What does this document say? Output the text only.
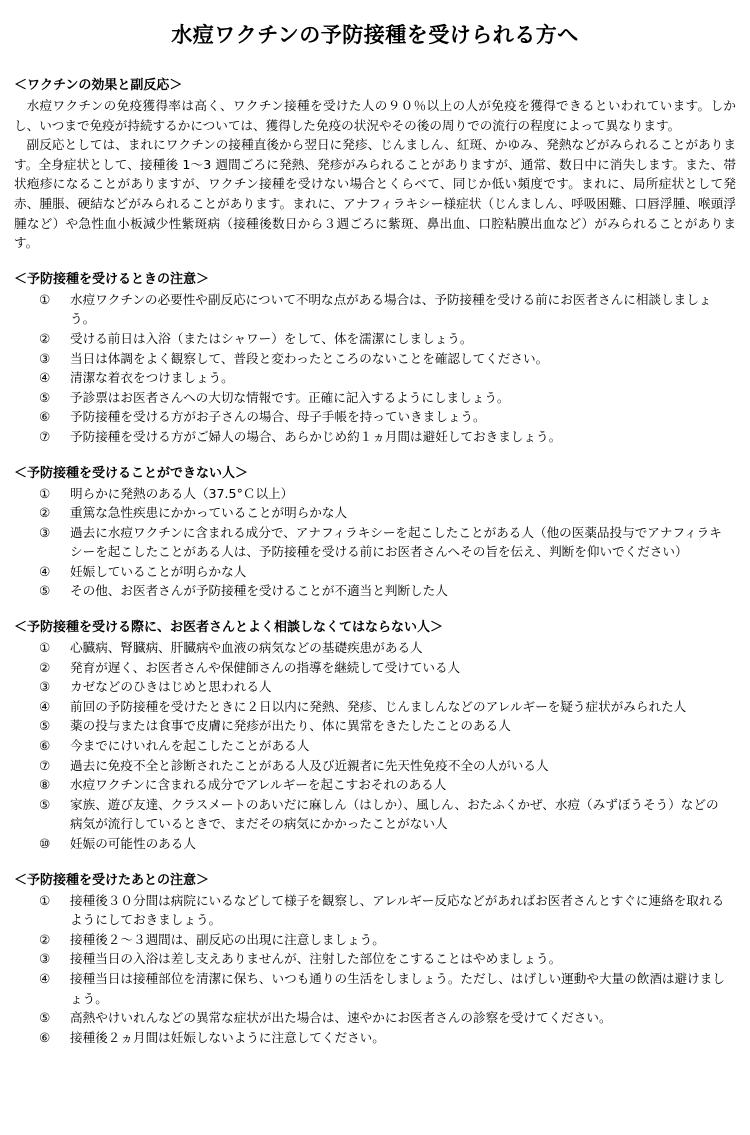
水痘ワクチンの予防接種を受けられる方へ

＜ワクチンの効果と副反応＞

水痘ワクチンの免疫獲得率は高く、ワクチン接種を受けた人の９０％以上の人が免疫を獲得できるといわれています。しかし、いつまで免疫が持続するかについては、獲得した免疫の状況やその後の周りでの流行の程度によって異なります。

副反応としては、まれにワクチンの接種直後から翌日に発疹、じんましん、紅斑、かゆみ、発熱などがみられることがあります。全身症状として、接種後 1～3 週間ごろに発熱、発疹がみられることがありますが、通常、数日中に消失します。また、帯状疱疹になることがありますが、ワクチン接種を受けない場合とくらべて、同じか低い頻度です。まれに、局所症状として発赤、腫脹、硬結などがみられることがあります。まれに、アナフィラキシー様症状（じんましん、呼吸困難、口唇浮腫、喉頭浮腫など）や急性血小板減少性紫斑病（接種後数日から３週ごろに紫斑、鼻出血、口腔粘膜出血など）がみられることがあります。

＜予防接種を受けるときの注意＞

①	水痘ワクチンの必要性や副反応について不明な点がある場合は、予防接種を受ける前にお医者さんに相談しましょう。
②	受ける前日は入浴（またはシャワー）をして、体を濡潔にしましょう。
③	当日は体調をよく観察して、普段と変わったところのないことを確認してください。
④	清潔な着衣をつけましょう。
⑤	予診票はお医者さんへの大切な情報です。正確に記入するようにしましょう。
⑥	予防接種を受ける方がお子さんの場合、母子手帳を持っていきましょう。
⑦	予防接種を受ける方がご婦人の場合、あらかじめ約１ヵ月間は避妊しておきましょう。

＜予防接種を受けることができない人＞

①	明らかに発熱のある人（37.5°Ｃ以上）
②	重篤な急性疾患にかかっていることが明らかな人
③	過去に水痘ワクチンに含まれる成分で、アナフィラキシーを起こしたことがある人（他の医薬品投与でアナフィラキシーを起こしたことがある人は、予防接種を受ける前にお医者さんへその旨を伝え、判断を仰いでください）
④	妊娠していることが明らかな人
⑤	その他、お医者さんが予防接種を受けることが不適当と判断した人

＜予防接種を受ける際に、お医者さんとよく相談しなくてはならない人＞

①	心臓病、腎臓病、肝臓病や血液の病気などの基礎疾患がある人
②	発育が遅く、お医者さんや保健師さんの指導を継続して受けている人
③	カゼなどのひきはじめと思われる人
④	前回の予防接種を受けたときに２日以内に発熱、発疹、じんましんなどのアレルギーを疑う症状がみられた人
⑤	薬の投与または食事で皮膚に発疹が出たり、体に異常をきたしたことのある人
⑥	今までにけいれんを起こしたことがある人
⑦	過去に免疫不全と診断されたことがある人及び近親者に先天性免疫不全の人がいる人
⑧	水痘ワクチンに含まれる成分でアレルギーを起こすおそれのある人
⑤	家族、遊び友達、クラスメートのあいだに麻しん（はしか）、風しん、おたふくかぜ、水痘（みずぼうそう）などの病気が流行しているときで、まだその病気にかかったことがない人
⑩	妊娠の可能性のある人

＜予防接種を受けたあとの注意＞

①	接種後３０分間は病院にいるなどして様子を観察し、アレルギー反応などがあればお医者さんとすぐに連絡を取れるようにしておきましょう。
②	接種後２～３週間は、副反応の出現に注意しましょう。
③	接種当日の入浴は差し支えありませんが、注射した部位をこすることはやめましょう。
④	接種当日は接種部位を清潔に保ち、いつも通りの生活をしましょう。ただし、はげしい運動や大量の飲酒は避けましょう。
⑤	高熱やけいれんなどの異常な症状が出た場合は、速やかにお医者さんの診察を受けてください。
⑥	接種後２ヵ月間は妊娠しないように注意してください。
